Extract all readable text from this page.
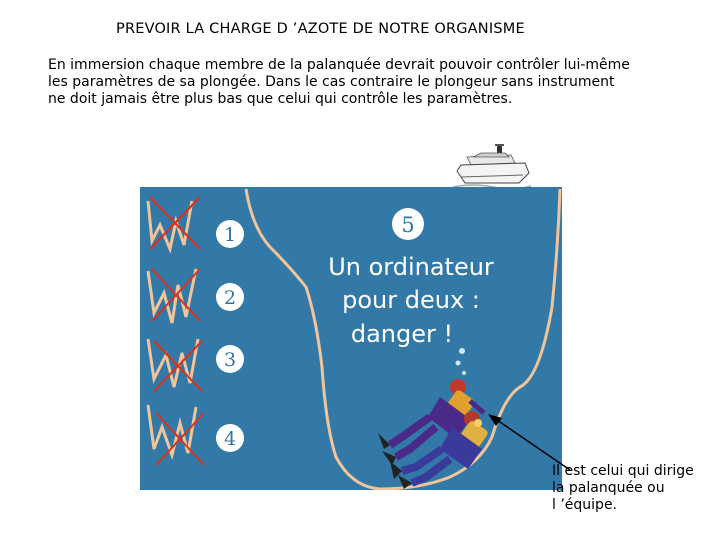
PREVOIR LA CHARGE D ’AZOTE DE NOTRE ORGANISME
En immersion chaque membre de la palanquée devrait pouvoir contrôler lui-même
les paramètres de sa plongée. Dans le cas contraire le plongeur sans instrument
ne doit jamais être plus bas que celui qui contrôle les paramètres.
1
2
3
4
5
Un ordinateur
pour deux :
danger !
Il est celui qui dirige
la palanquée ou
l ’équipe.
